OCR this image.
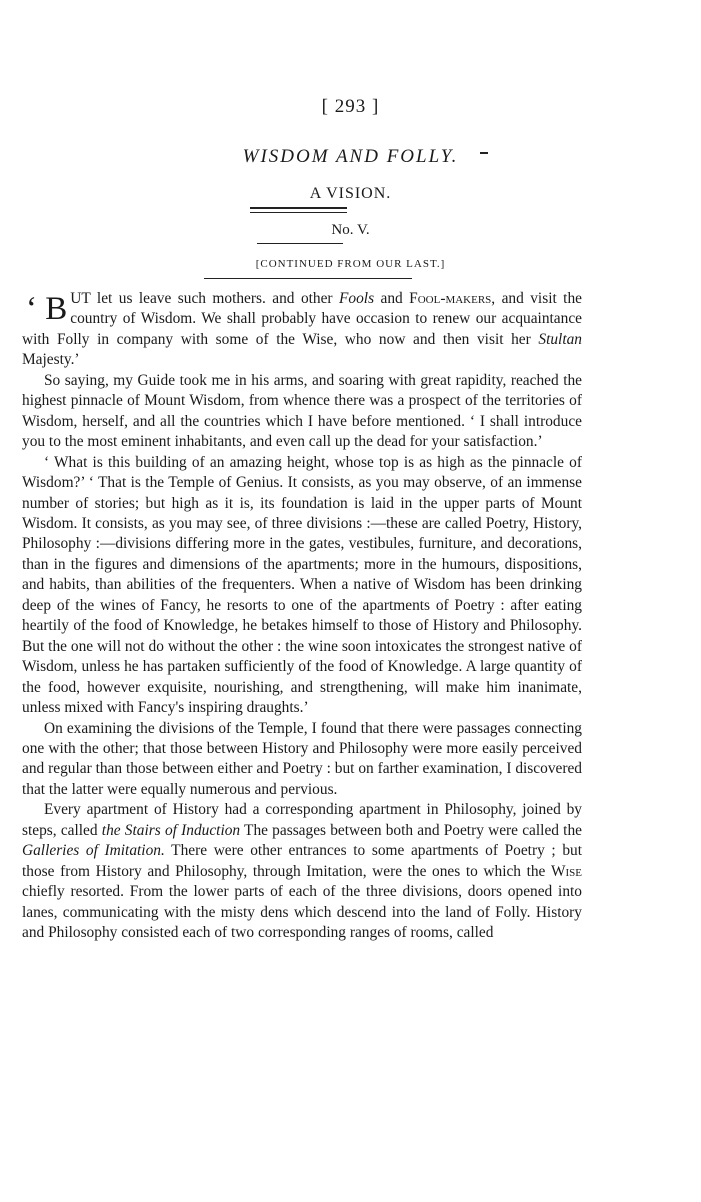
[ 293 ]
WISDOM AND FOLLY.
A VISION.
No. V.
[CONTINUED FROM OUR LAST.]

‘ B UT let us leave such mothers. and other Fools and Fool-makers, and visit the country of Wisdom. We shall probably have occasion to renew our acquaintance with Folly in company with some of the Wise, who now and then visit her Stultan Majesty.’

So saying, my Guide took me in his arms, and soaring with great rapidity, reached the highest pinnacle of Mount Wisdom, from whence there was a prospect of the territories of Wisdom, herself, and all the countries which I have before mentioned. ‘ I shall introduce you to the most eminent inhabitants, and even call up the dead for your satisfaction.’

‘ What is this building of an amazing height, whose top is as high as the pinnacle of Wisdom?’ ‘ That is the Temple of Genius. It consists, as you may observe, of an immense number of stories; but high as it is, its foundation is laid in the upper parts of Mount Wisdom. It consists, as you may see, of three divisions :—these are called Poetry, History, Philosophy :—divisions differing more in the gates, vestibules, furniture, and decorations, than in the figures and dimensions of the apartments; more in the humours, dispositions, and habits, than abilities of the frequenters. When a native of Wisdom has been drinking deep of the wines of Fancy, he resorts to one of the apartments of Poetry : after eating heartily of the food of Knowledge, he betakes himself to those of History and Philosophy. But the one will not do without the other : the wine soon intoxicates the strongest native of Wisdom, unless he has partaken sufficiently of the food of Knowledge. A large quantity of the food, however exquisite, nourishing, and strengthening, will make him inanimate, unless mixed with Fancy's inspiring draughts.’

On examining the divisions of the Temple, I found that there were passages connecting one with the other; that those between History and Philosophy were more easily perceived and regular than those between either and Poetry : but on farther examination, I discovered that the latter were equally numerous and pervious.

Every apartment of History had a corresponding apartment in Philosophy, joined by steps, called the Stairs of Induction The passages between both and Poetry were called the Galleries of Imitation. There were other entrances to some apartments of Poetry ; but those from History and Philosophy, through Imitation, were the ones to which the Wise chiefly resorted. From the lower parts of each of the three divisions, doors opened into lanes, communicating with the misty dens which descend into the land of Folly. History and Philosophy consisted each of two corresponding ranges of rooms, called
